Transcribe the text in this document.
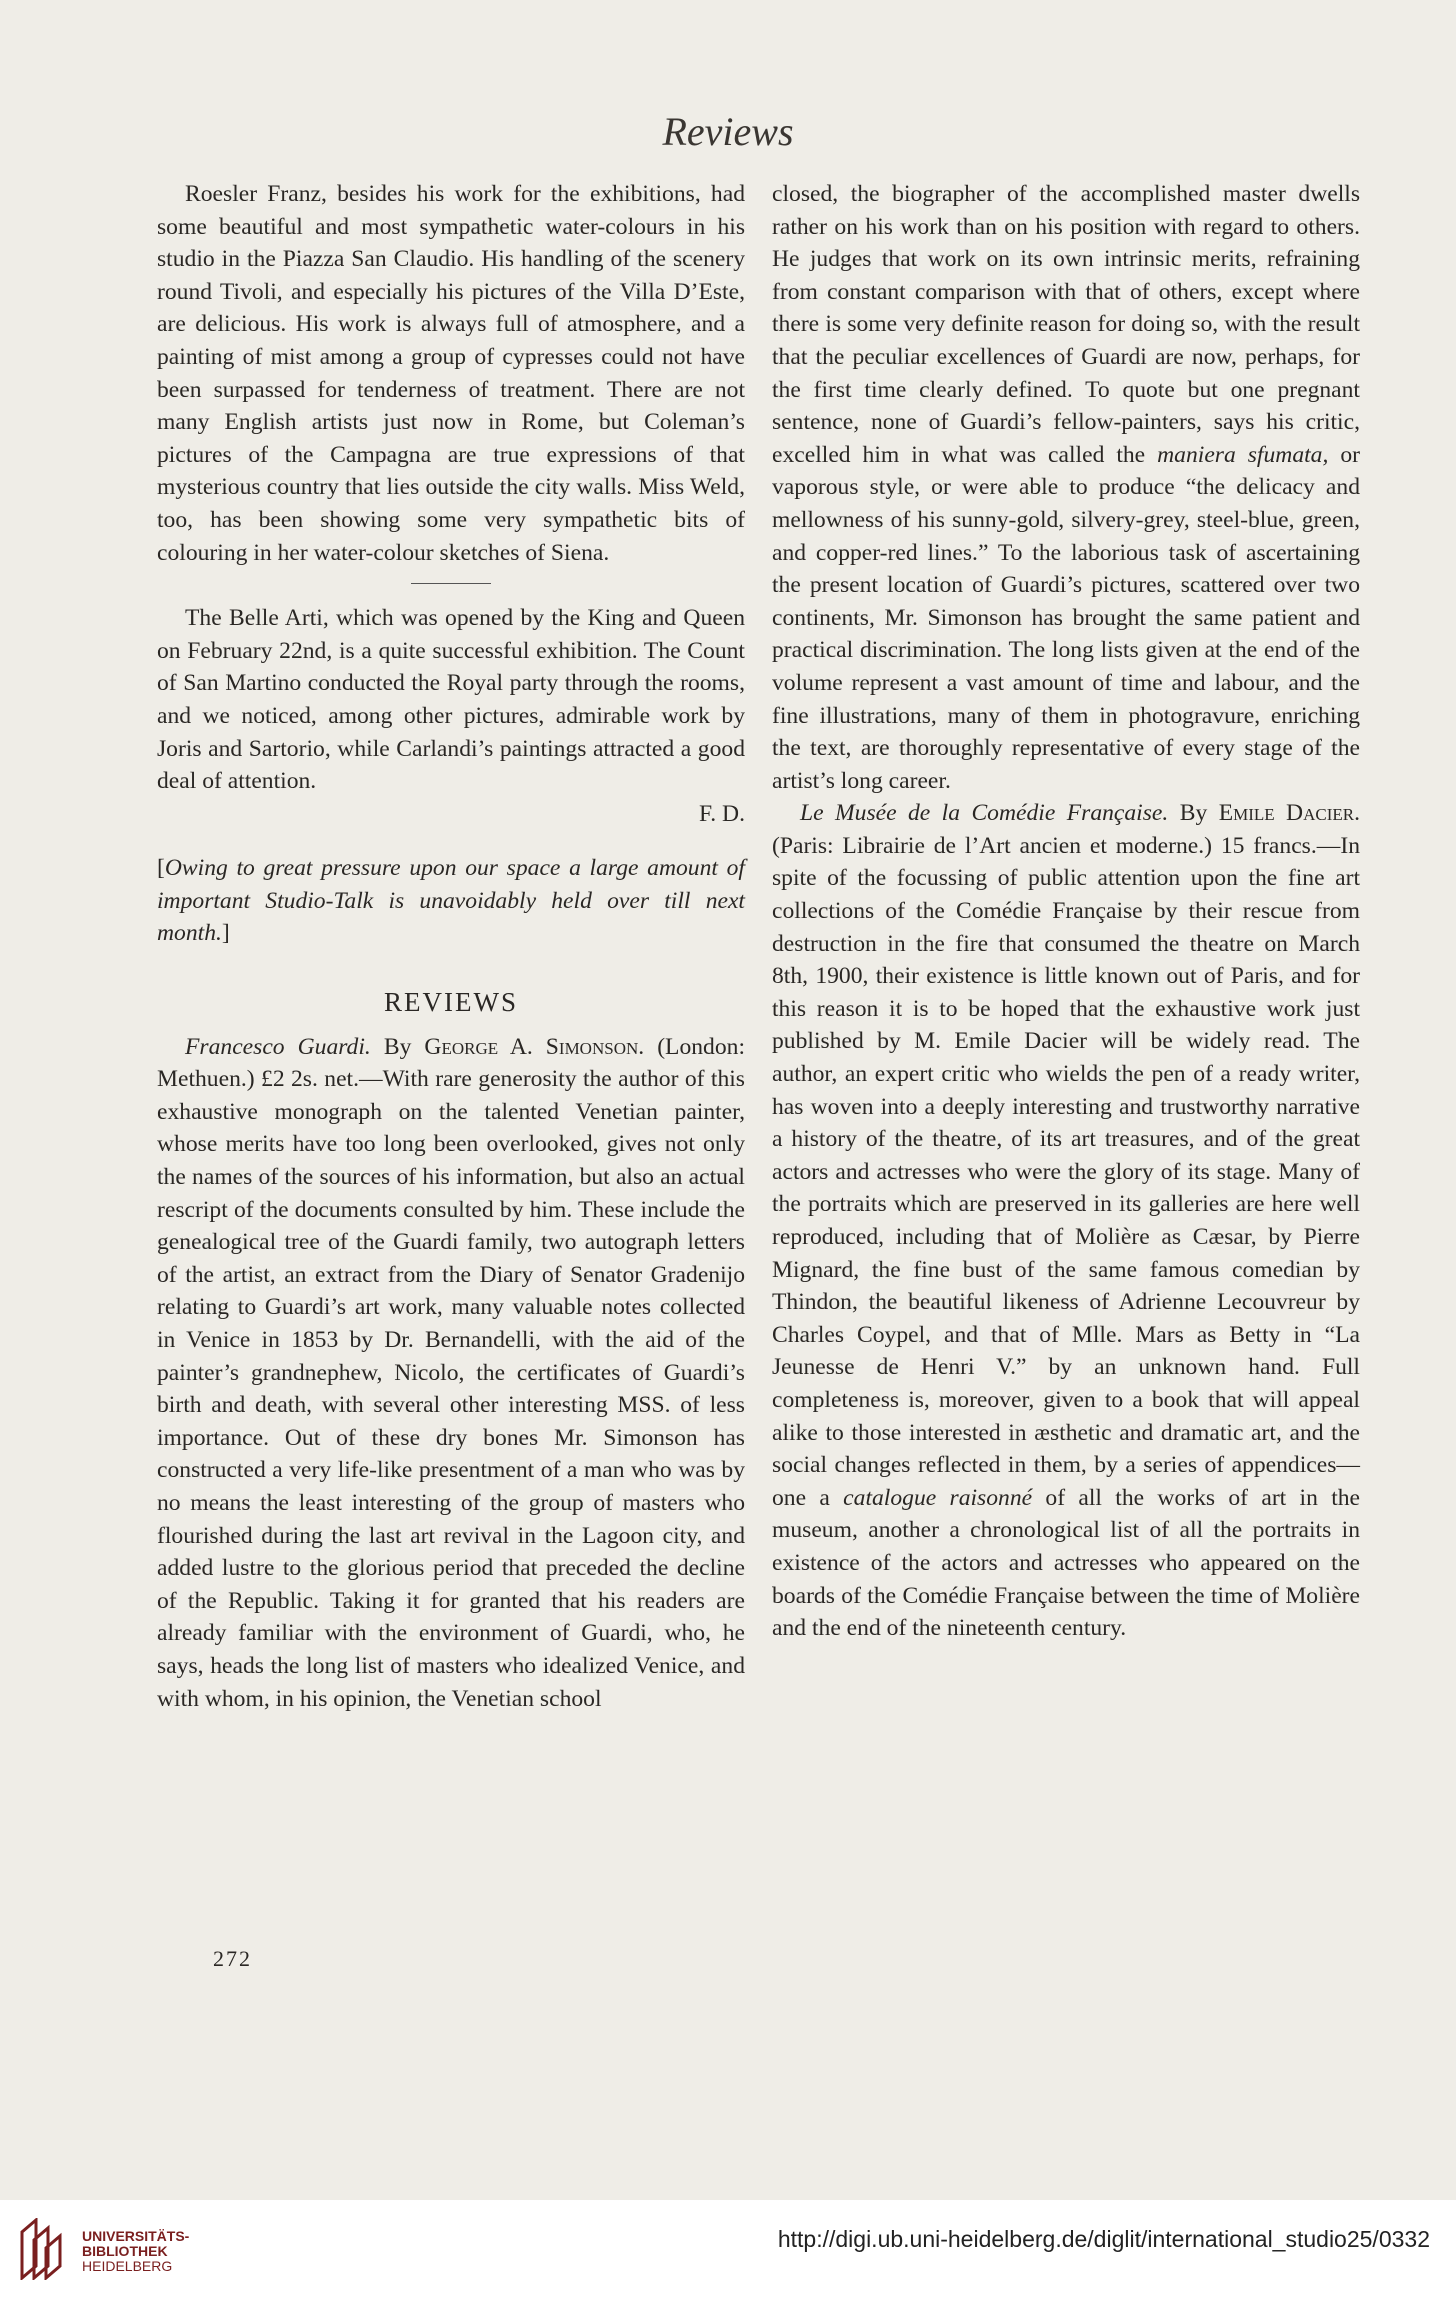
Reviews

Roesler Franz, besides his work for the exhibitions, had some beautiful and most sympathetic water-colours in his studio in the Piazza San Claudio. His handling of the scenery round Tivoli, and especially his pictures of the Villa D’Este, are delicious. His work is always full of atmosphere, and a painting of mist among a group of cypresses could not have been surpassed for tenderness of treatment. There are not many English artists just now in Rome, but Coleman’s pictures of the Campagna are true expressions of that mysterious country that lies outside the city walls. Miss Weld, too, has been showing some very sympathetic bits of colouring in her water-colour sketches of Siena.

The Belle Arti, which was opened by the King and Queen on February 22nd, is a quite successful exhibition. The Count of San Martino conducted the Royal party through the rooms, and we noticed, among other pictures, admirable work by Joris and Sartorio, while Carlandi’s paintings attracted a good deal of attention.

F. D.

[Owing to great pressure upon our space a large amount of important Studio-Talk is unavoidably held over till next month.]

REVIEWS

Francesco Guardi. By George A. Simonson. (London: Methuen.) £2 2s. net.—With rare generosity the author of this exhaustive monograph on the talented Venetian painter, whose merits have too long been overlooked, gives not only the names of the sources of his information, but also an actual rescript of the documents consulted by him. These include the genealogical tree of the Guardi family, two autograph letters of the artist, an extract from the Diary of Senator Gradenijo relating to Guardi’s art work, many valuable notes collected in Venice in 1853 by Dr. Bernandelli, with the aid of the painter’s grandnephew, Nicolo, the certificates of Guardi’s birth and death, with several other interesting MSS. of less importance. Out of these dry bones Mr. Simonson has constructed a very life-like presentment of a man who was by no means the least interesting of the group of masters who flourished during the last art revival in the Lagoon city, and added lustre to the glorious period that preceded the decline of the Republic. Taking it for granted that his readers are already familiar with the environment of Guardi, who, he says, heads the long list of masters who idealized Venice, and with whom, in his opinion, the Venetian school

closed, the biographer of the accomplished master dwells rather on his work than on his position with regard to others. He judges that work on its own intrinsic merits, refraining from constant comparison with that of others, except where there is some very definite reason for doing so, with the result that the peculiar excellences of Guardi are now, perhaps, for the first time clearly defined. To quote but one pregnant sentence, none of Guardi’s fellow-painters, says his critic, excelled him in what was called the maniera sfumata, or vaporous style, or were able to produce “the delicacy and mellowness of his sunny-gold, silvery-grey, steel-blue, green, and copper-red lines.” To the laborious task of ascertaining the present location of Guardi’s pictures, scattered over two continents, Mr. Simonson has brought the same patient and practical discrimination. The long lists given at the end of the volume represent a vast amount of time and labour, and the fine illustrations, many of them in photogravure, enriching the text, are thoroughly representative of every stage of the artist’s long career.

Le Musée de la Comédie Française. By Emile Dacier. (Paris: Librairie de l’Art ancien et moderne.) 15 francs.—In spite of the focussing of public attention upon the fine art collections of the Comédie Française by their rescue from destruction in the fire that consumed the theatre on March 8th, 1900, their existence is little known out of Paris, and for this reason it is to be hoped that the exhaustive work just published by M. Emile Dacier will be widely read. The author, an expert critic who wields the pen of a ready writer, has woven into a deeply interesting and trustworthy narrative a history of the theatre, of its art treasures, and of the great actors and actresses who were the glory of its stage. Many of the portraits which are preserved in its galleries are here well reproduced, including that of Molière as Cæsar, by Pierre Mignard, the fine bust of the same famous comedian by Thindon, the beautiful likeness of Adrienne Lecouvreur by Charles Coypel, and that of Mlle. Mars as Betty in “La Jeunesse de Henri V.” by an unknown hand. Full completeness is, moreover, given to a book that will appeal alike to those interested in æsthetic and dramatic art, and the social changes reflected in them, by a series of appendices—one a catalogue raisonné of all the works of art in the museum, another a chronological list of all the portraits in existence of the actors and actresses who appeared on the boards of the Comédie Française between the time of Molière and the end of the nineteenth century.

272
UNIVERSITÄTS-
BIBLIOTHEK
HEIDELBERG
http://digi.ub.uni-heidelberg.de/diglit/international_studio25/0332
